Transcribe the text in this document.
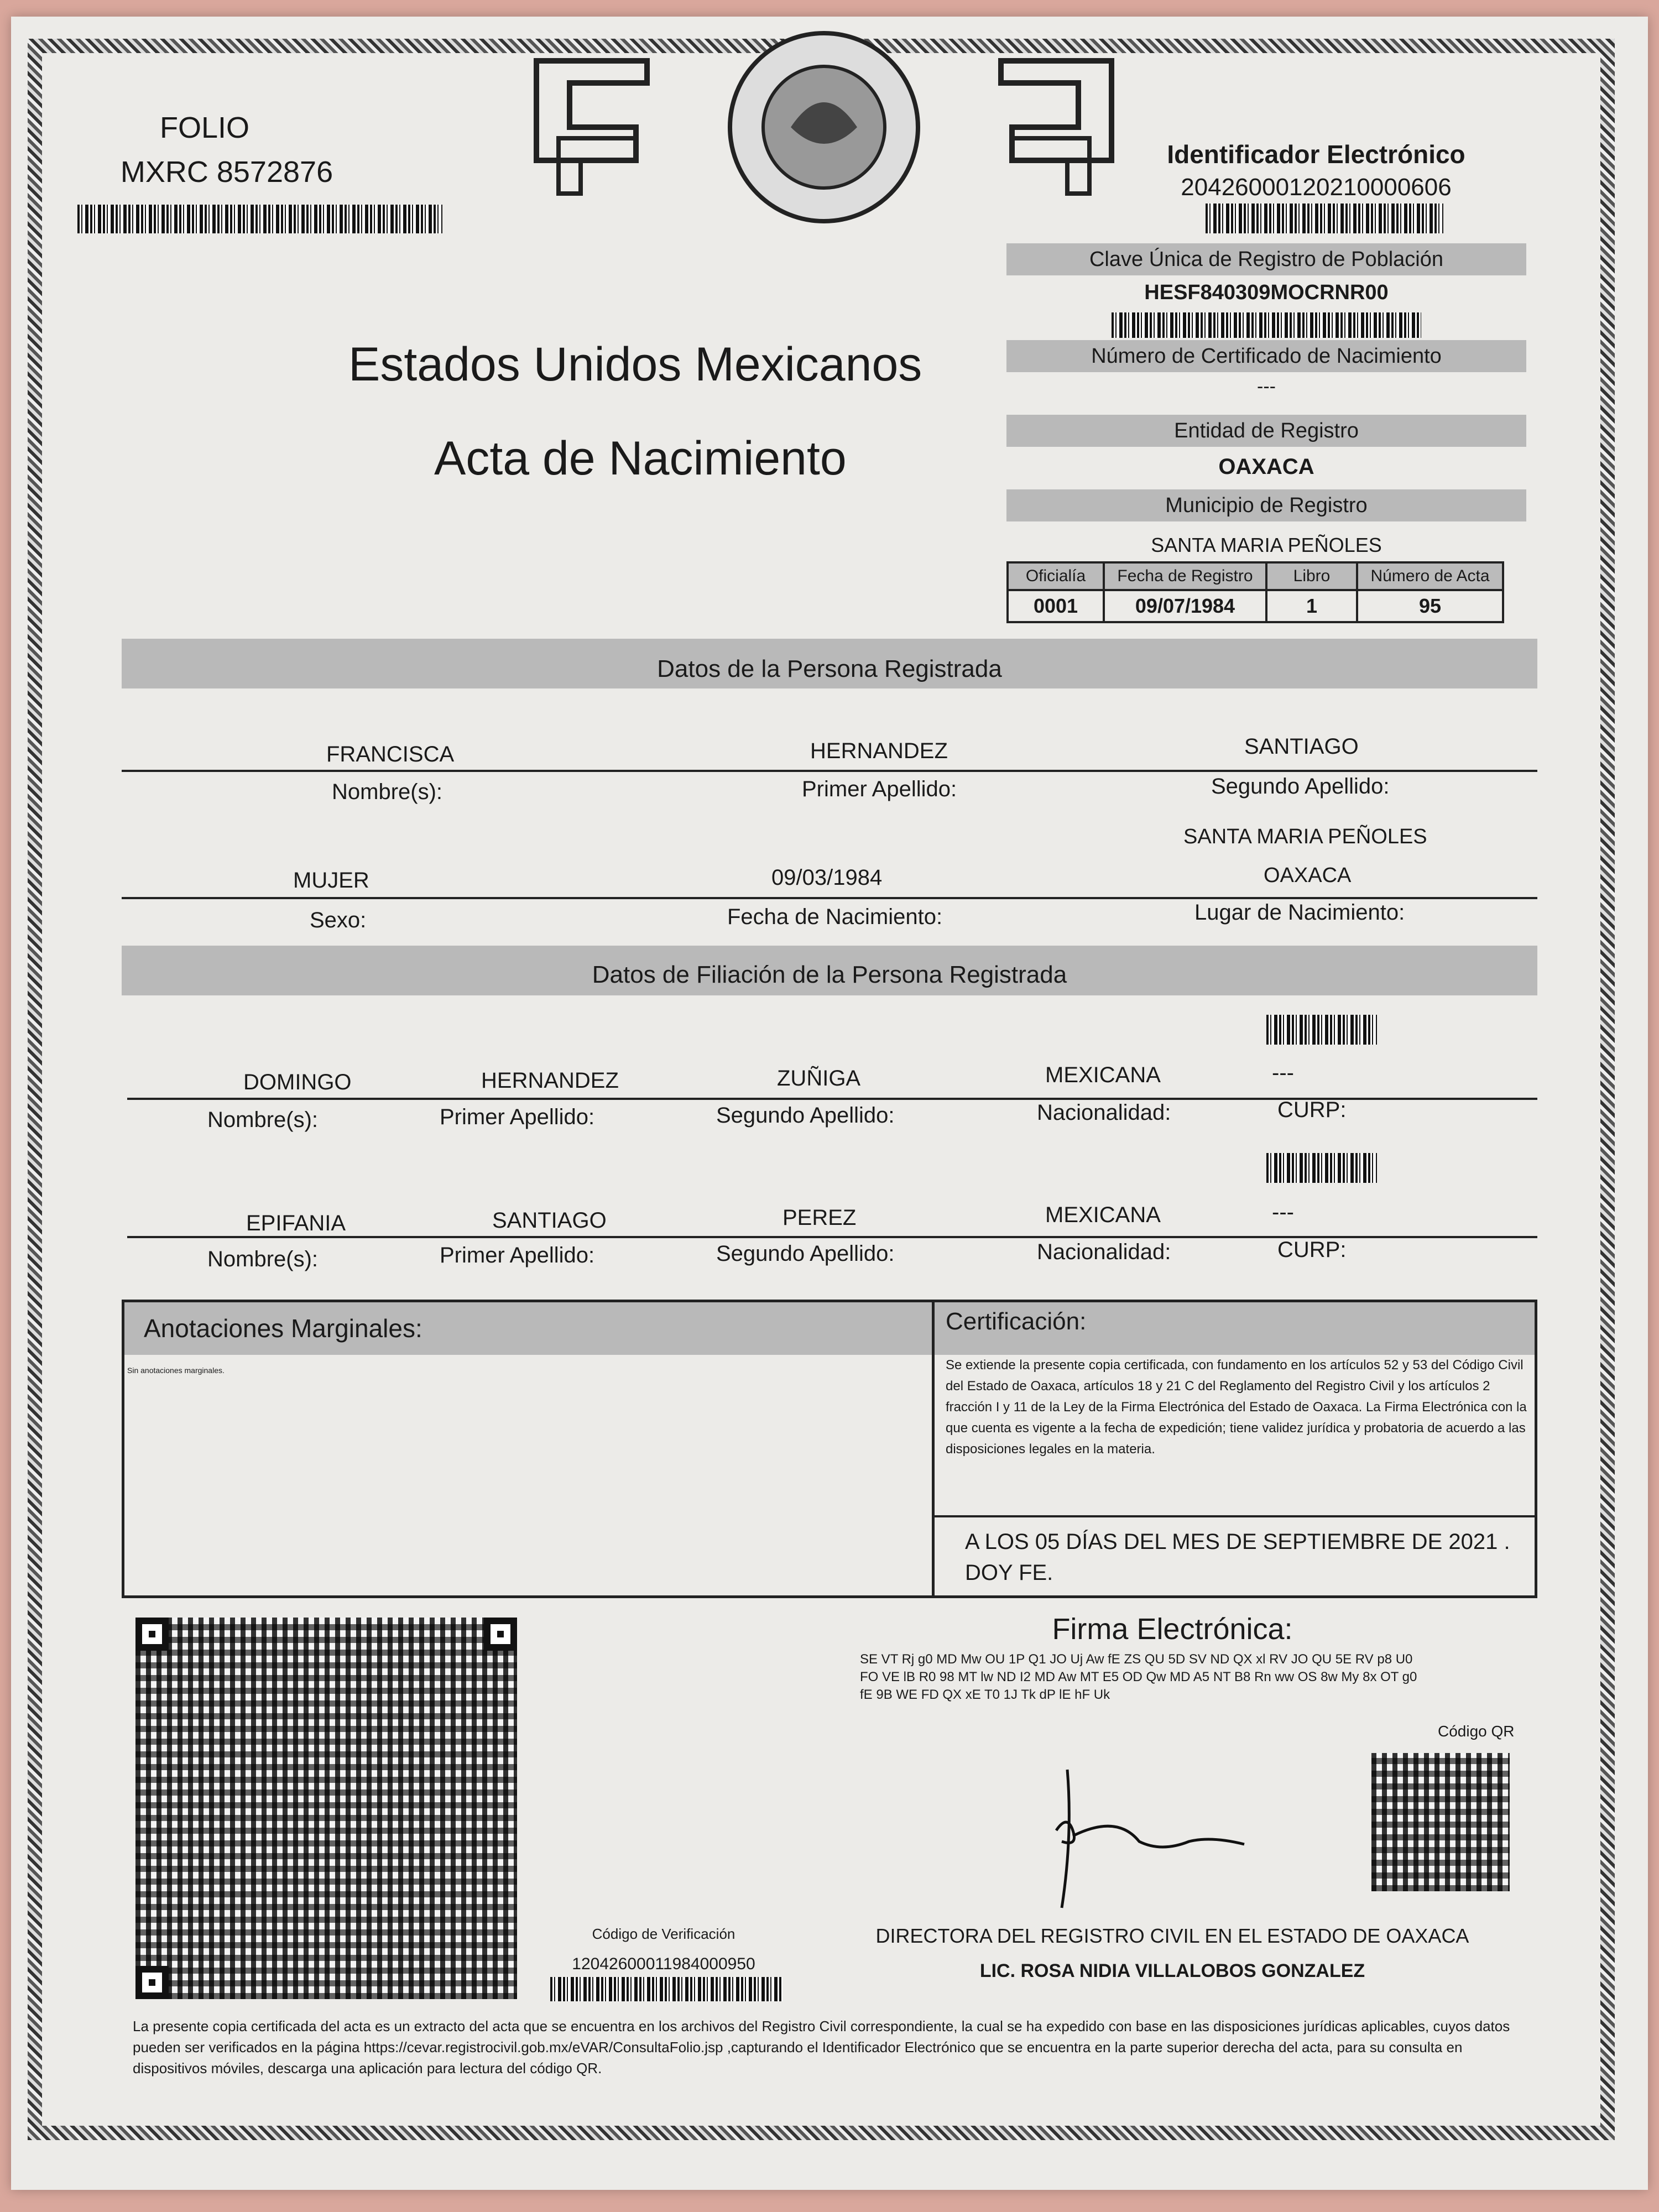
FOLIO
MXRC 8572876
Identificador Electrónico
20426000120210000606
Clave Única de Registro de Población
HESF840309MOCRNR00
Número de Certificado de Nacimiento
---
Entidad de Registro
OAXACA
Municipio de Registro
SANTA MARIA PEÑOLES
Oficialía	Fecha de Registro	Libro	Número de Acta
0001	09/07/1984	1	95
Estados Unidos Mexicanos
Acta de Nacimiento
Datos de la Persona Registrada
FRANCISCA	HERNANDEZ	SANTIAGO
Nombre(s):	Primer Apellido:	Segundo Apellido:
SANTA MARIA PEÑOLES
MUJER	09/03/1984	OAXACA
Sexo:	Fecha de Nacimiento:	Lugar de Nacimiento:
Datos de Filiación de la Persona Registrada
DOMINGO	HERNANDEZ	ZUÑIGA	MEXICANA	---
Nombre(s):	Primer Apellido:	Segundo Apellido:	Nacionalidad:	CURP:
EPIFANIA	SANTIAGO	PEREZ	MEXICANA	---
Nombre(s):	Primer Apellido:	Segundo Apellido:	Nacionalidad:	CURP:
Anotaciones Marginales:
Sin anotaciones marginales.
Certificación:
Se extiende la presente copia certificada, con fundamento en los artículos 52 y 53 del Código Civil del Estado de Oaxaca, artículos 18 y 21 C del Reglamento del Registro Civil y los artículos 2 fracción I y 11 de la Ley de la Firma Electrónica del Estado de Oaxaca. La Firma Electrónica con la que cuenta es vigente a la fecha de expedición; tiene validez jurídica y probatoria de acuerdo a las disposiciones legales en la materia.
A LOS 05 DÍAS DEL MES DE SEPTIEMBRE DE 2021 . DOY FE.
Código de Verificación
12042600011984000950
Firma Electrónica:
SE VT Rj g0 MD Mw OU 1P Q1 JO Uj Aw fE ZS QU 5D SV ND QX xl RV JO QU 5E RV p8 U0 FO VE lB R0 98 MT lw ND I2 MD Aw MT E5 OD Qw MD A5 NT B8 Rn ww OS 8w My 8x OT g0 fE 9B WE FD QX xE T0 1J Tk dP lE hF Uk
Código QR
DIRECTORA DEL REGISTRO CIVIL EN EL ESTADO DE OAXACA
LIC. ROSA NIDIA VILLALOBOS GONZALEZ
La presente copia certificada del acta es un extracto del acta que se encuentra en los archivos del Registro Civil correspondiente, la cual se ha expedido con base en las disposiciones jurídicas aplicables, cuyos datos pueden ser verificados en la página https://cevar.registrocivil.gob.mx/eVAR/ConsultaFolio.jsp ,capturando el Identificador Electrónico que se encuentra en la parte superior derecha del acta, para su consulta en dispositivos móviles, descarga una aplicación para lectura del código QR.
